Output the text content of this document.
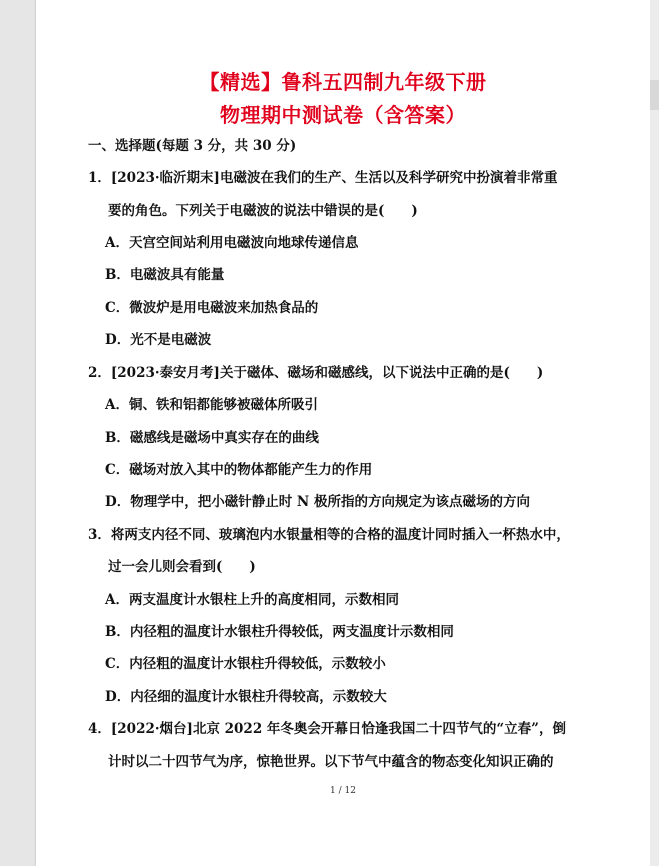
【精选】鲁科五四制九年级下册
物理期中测试卷（含答案）
一、选择题(每题 3 分，共 30 分)
1．[2023·临沂期末]电磁波在我们的生产、生活以及科学研究中扮演着非常重
要的角色。下列关于电磁波的说法中错误的是(　　)
A．天宫空间站利用电磁波向地球传递信息
B．电磁波具有能量
C．微波炉是用电磁波来加热食品的
D．光不是电磁波
2．[2023·泰安月考]关于磁体、磁场和磁感线，以下说法中正确的是(　　)
A．铜、铁和铝都能够被磁体所吸引
B．磁感线是磁场中真实存在的曲线
C．磁场对放入其中的物体都能产生力的作用
D．物理学中，把小磁针静止时 N 极所指的方向规定为该点磁场的方向
3．将两支内径不同、玻璃泡内水银量相等的合格的温度计同时插入一杯热水中，
过一会儿则会看到(　　)
A．两支温度计水银柱上升的高度相同，示数相同
B．内径粗的温度计水银柱升得较低，两支温度计示数相同
C．内径粗的温度计水银柱升得较低，示数较小
D．内径细的温度计水银柱升得较高，示数较大
4．[2022·烟台]北京 2022 年冬奥会开幕日恰逢我国二十四节气的“立春”，倒
计时以二十四节气为序，惊艳世界。以下节气中蕴含的物态变化知识正确的
1 / 12
